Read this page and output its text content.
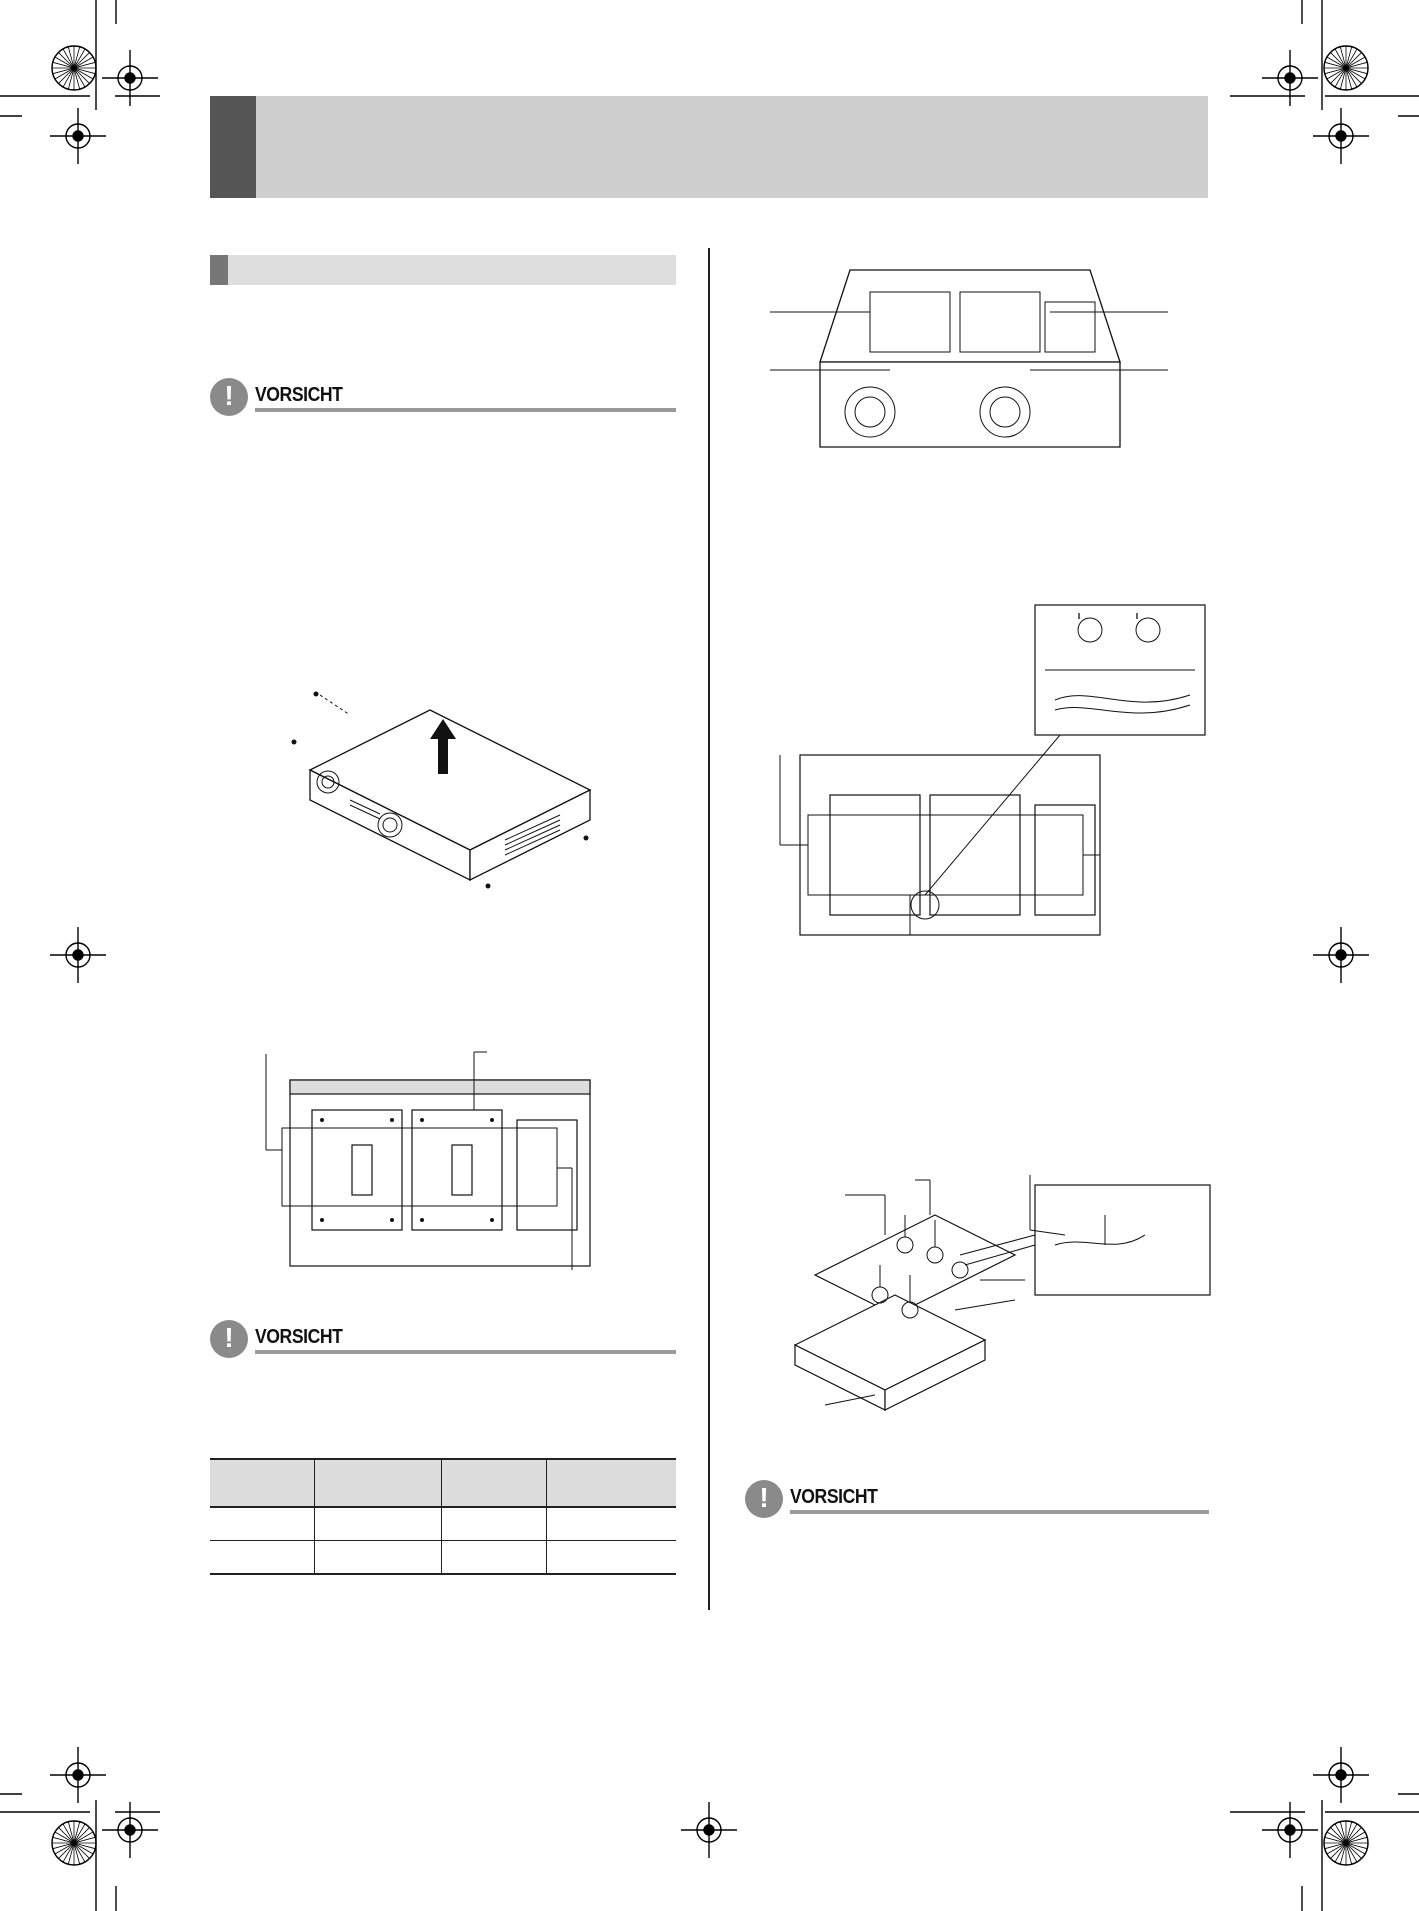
!	VORSICHT
!	VORSICHT
!	VORSICHT
